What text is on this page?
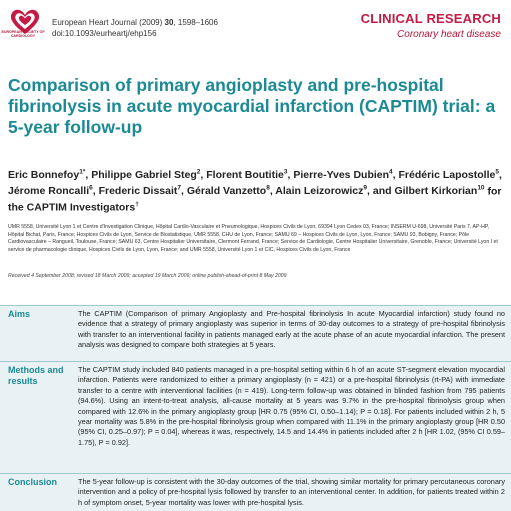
EUROPEAN SOCIETY OF CARDIOLOGY
European Heart Journal (2009) 30, 1598–1606
doi:10.1093/eurheartj/ehp156
CLINICAL RESEARCH
Coronary heart disease
Comparison of primary angioplasty and pre-hospital fibrinolysis in acute myocardial infarction (CAPTIM) trial: a 5-year follow-up
Eric Bonnefoy$^{1*}$, Philippe Gabriel Steg$^2$, Florent Boutitie$^3$, Pierre-Yves Dubien$^4$, Frédéric Lapostolle$^5$, Jérome Roncalli$^6$, Frederic Dissait$^7$, Gérald Vanzetto$^8$, Alain Leizorowicz$^9$, and Gilbert Kirkorian$^{10}$ for the CAPTIM Investigators†
UMR 5558, Université Lyon 1 et Centre d'Investigation Clinique, Hôpital Cardio-Vasculaire et Pneumologique, Hospices Civils de Lyon, 69394 Lyon Cedex 03, France; INSERM U-698, Université Paris 7, AP-HP, Hôpital Bichat, Paris, France; Hospices Civils de Lyon, Service de Biostatistique, UMR 5558, CHU de Lyon, France; SAMU 69 – Hospices Civils de Lyon, Lyon, France; SAMU 93, Bobigny, France; Pôle Cardiovasculaire – Rangueil, Toulouse, France; SAMU 63, Centre Hospitalier Universitaire, Clermont Ferrand, France; Service de Cardiologie, Centre Hospitalier Universitaire, Grenoble, France; Université Lyon I et service de pharmacologie clinique, Hospices Civils de Lyon, Lyon, France; and UMR 5558, Université Lyon 1 et CIC, Hospices Civils de Lyon, France
Received 4 September 2008; revised 18 March 2009; accepted 19 March 2009; online publish-ahead-of-print 8 May 2009
Aims	The CAPTIM (Comparison of primary Angioplasty and Pre-hospital fibrinolysis In acute Myocardial infarction) study found no evidence that a strategy of primary angioplasty was superior in terms of 30-day outcomes to a strategy of pre-hospital fibrinolysis with transfer to an interventional facility in patients managed early at the acute phase of an acute myocardial infarction. The present analysis was designed to compare both strategies at 5 years.
Methods and results
The CAPTIM study included 840 patients managed in a pre-hospital setting within 6 h of an acute ST-segment elevation myocardial infarction. Patients were randomized to either a primary angioplasty (n = 421) or a pre-hospital fibrinolysis (rt-PA) with immediate transfer to a centre with interventional facilities (n = 419). Long-term follow-up was obtained in blinded fashion from 795 patients (94.6%). Using an intent-to-treat analysis, all-cause mortality at 5 years was 9.7% in the pre-hospital fibrinolysis group when compared with 12.6% in the primary angioplasty group [HR 0.75 (95% CI, 0.50–1.14); P = 0.18]. For patients included within 2 h, 5 year mortality was 5.8% in the pre-hospital fibrinolysis group when compared with 11.1% in the primary angioplasty group [HR 0.50 (95% CI, 0.25–0.97); P = 0.04], whereas it was, respectively, 14.5 and 14.4% in patients included after 2 h [HR 1.02, (95% CI 0.59–1.75), P = 0.92].
Conclusion	The 5-year follow-up is consistent with the 30-day outcomes of the trial, showing similar mortality for primary percutaneous coronary intervention and a policy of pre-hospital lysis followed by transfer to an interventional center. In addition, for patients treated within 2 h of symptom onset, 5-year mortality was lower with pre-hospital lysis.
